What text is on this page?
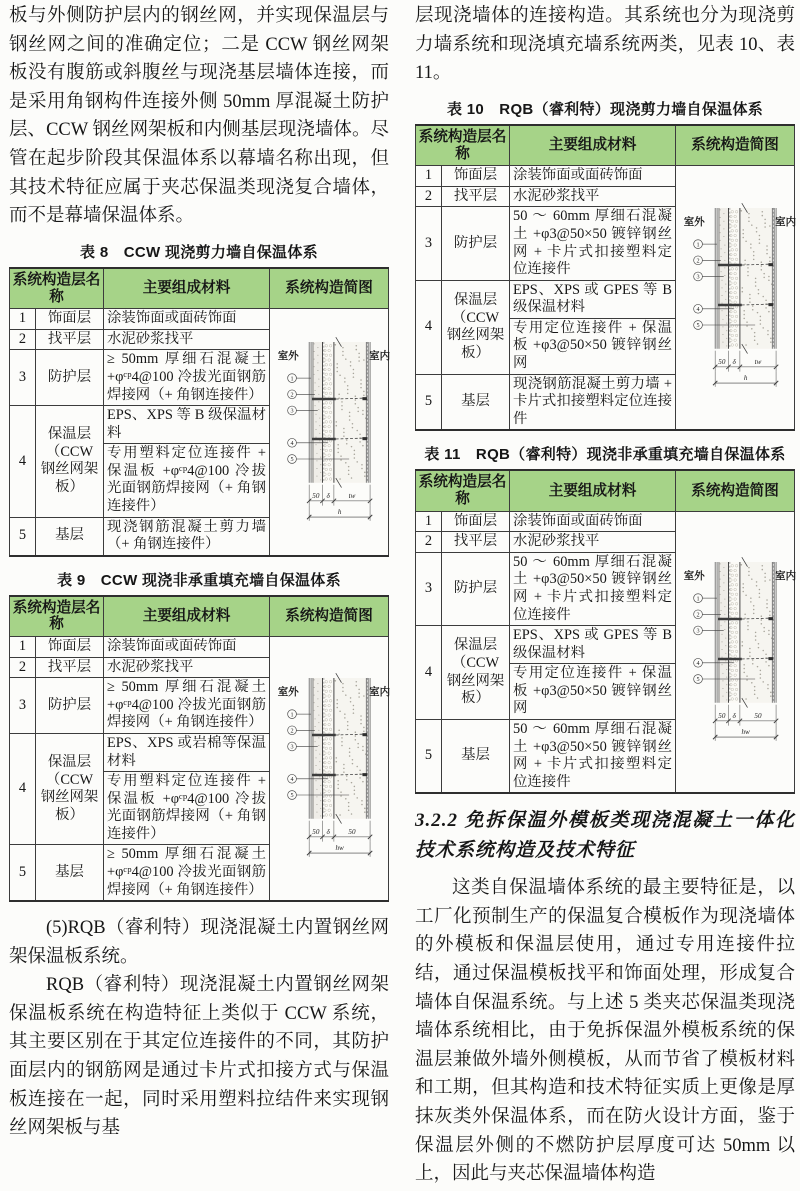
板与外侧防护层内的钢丝网，并实现保温层与钢丝网之间的准确定位；二是 CCW 钢丝网架板没有腹筋或斜腹丝与现浇基层墙体连接，而是采用角钢构件连接外侧 50mm 厚混凝土防护层、CCW 钢丝网架板和内侧基层现浇墙体。尽管在起步阶段其保温体系以幕墙名称出现，但其技术特征应属于夹芯保温类现浇复合墙体，而不是幕墙保温体系。

表 8　CCW 现浇剪力墙自保温体系
系统构造层名称		主要组成材料	系统构造简图
1	饰面层	涂装饰面或面砖饰面	
室外	室内
1
2
3
4
5
50 δ	tw
h

2	找平层	水泥砂浆找平	
3	防护层	≥ 50mm 厚细石混凝土 +φᶜᵖ4@100 冷拔光面钢筋焊接网（+ 角钢连接件）	
4	保温层（CCW 钢丝网架板）	EPS、XPS 等 B 级保温材料	
		专用塑料定位连接件 + 保温板 +φᶜᵖ4@100 冷拔光面钢筋焊接网（+ 角钢连接件）	
5	基层	现浇钢筋混凝土剪力墙（+ 角钢连接件）	
表 9　CCW 现浇非承重填充墙自保温体系
系统构造层名称		主要组成材料	系统构造简图
1	饰面层	涂装饰面或面砖饰面	
室外	室内
1
2
3
4
5
50 δ 50
hw

2	找平层	水泥砂浆找平	
3	防护层	≥ 50mm 厚细石混凝土 +φᶜᵖ4@100 冷拔光面钢筋焊接网（+ 角钢连接件）	
4	保温层（CCW 钢丝网架板）	EPS、XPS 或岩棉等保温材料	
		专用塑料定位连接件 + 保温板 +φᶜᵖ4@100 冷拔光面钢筋焊接网（+ 角钢连接件）	
5	基层	≥ 50mm 厚细石混凝土 +φᶜᵖ4@100 冷拔光面钢筋焊接网（+ 角钢连接件）	

(5)RQB（睿利特）现浇混凝土内置钢丝网架保温板系统。

RQB（睿利特）现浇混凝土内置钢丝网架保温板系统在构造特征上类似于 CCW 系统，其主要区别在于其定位连接件的不同，其防护面层内的钢筋网是通过卡片式扣接方式与保温板连接在一起，同时采用塑料拉结件来实现钢丝网架板与基

层现浇墙体的连接构造。其系统也分为现浇剪力墙系统和现浇填充墙系统两类，见表 10、表 11。

表 10　RQB（睿利特）现浇剪力墙自保温体系
系统构造层名称		主要组成材料	系统构造简图
1	饰面层	涂装饰面或面砖饰面	
室外	室内
1
2
3
4
5
50 δ	tw
h

2	找平层	水泥砂浆找平	
3	防护层	50 ～ 60mm 厚细石混凝土 +φ3@50×50 镀锌钢丝网 + 卡片式扣接塑料定位连接件	
4	保温层（CCW 钢丝网架板）	EPS、XPS 或 GPES 等 B 级保温材料	
		专用定位连接件 + 保温板 +φ3@50×50 镀锌钢丝网	
5	基层	现浇钢筋混凝土剪力墙 + 卡片式扣接塑料定位连接件	
表 11　RQB（睿利特）现浇非承重填充墙自保温体系
系统构造层名称		主要组成材料	系统构造简图
1	饰面层	涂装饰面或面砖饰面	
室外	室内
1
2
3
4
5
50 δ 50
hw

2	找平层	水泥砂浆找平	
3	防护层	50 ～ 60mm 厚细石混凝土 +φ3@50×50 镀锌钢丝网 + 卡片式扣接塑料定位连接件	
4	保温层（CCW 钢丝网架板）	EPS、XPS 或 GPES 等 B 级保温材料	
		专用定位连接件 + 保温板 +φ3@50×50 镀锌钢丝网	
5	基层	50 ～ 60mm 厚细石混凝土 +φ3@50×50 镀锌钢丝网 + 卡片式扣接塑料定位连接件	
3.2.2 免拆保温外模板类现浇混凝土一体化技术系统构造及技术特征

这类自保温墙体系统的最主要特征是，以工厂化预制生产的保温复合模板作为现浇墙体的外模板和保温层使用，通过专用连接件拉结，通过保温模板找平和饰面处理，形成复合墙体自保温系统。与上述 5 类夹芯保温类现浇墙体系统相比，由于免拆保温外模板系统的保温层兼做外墙外侧模板，从而节省了模板材料和工期，但其构造和技术特征实质上更像是厚抹灰类外保温体系，而在防火设计方面，鉴于保温层外侧的不燃防护层厚度可达 50mm 以上，因此与夹芯保温墙体构造
